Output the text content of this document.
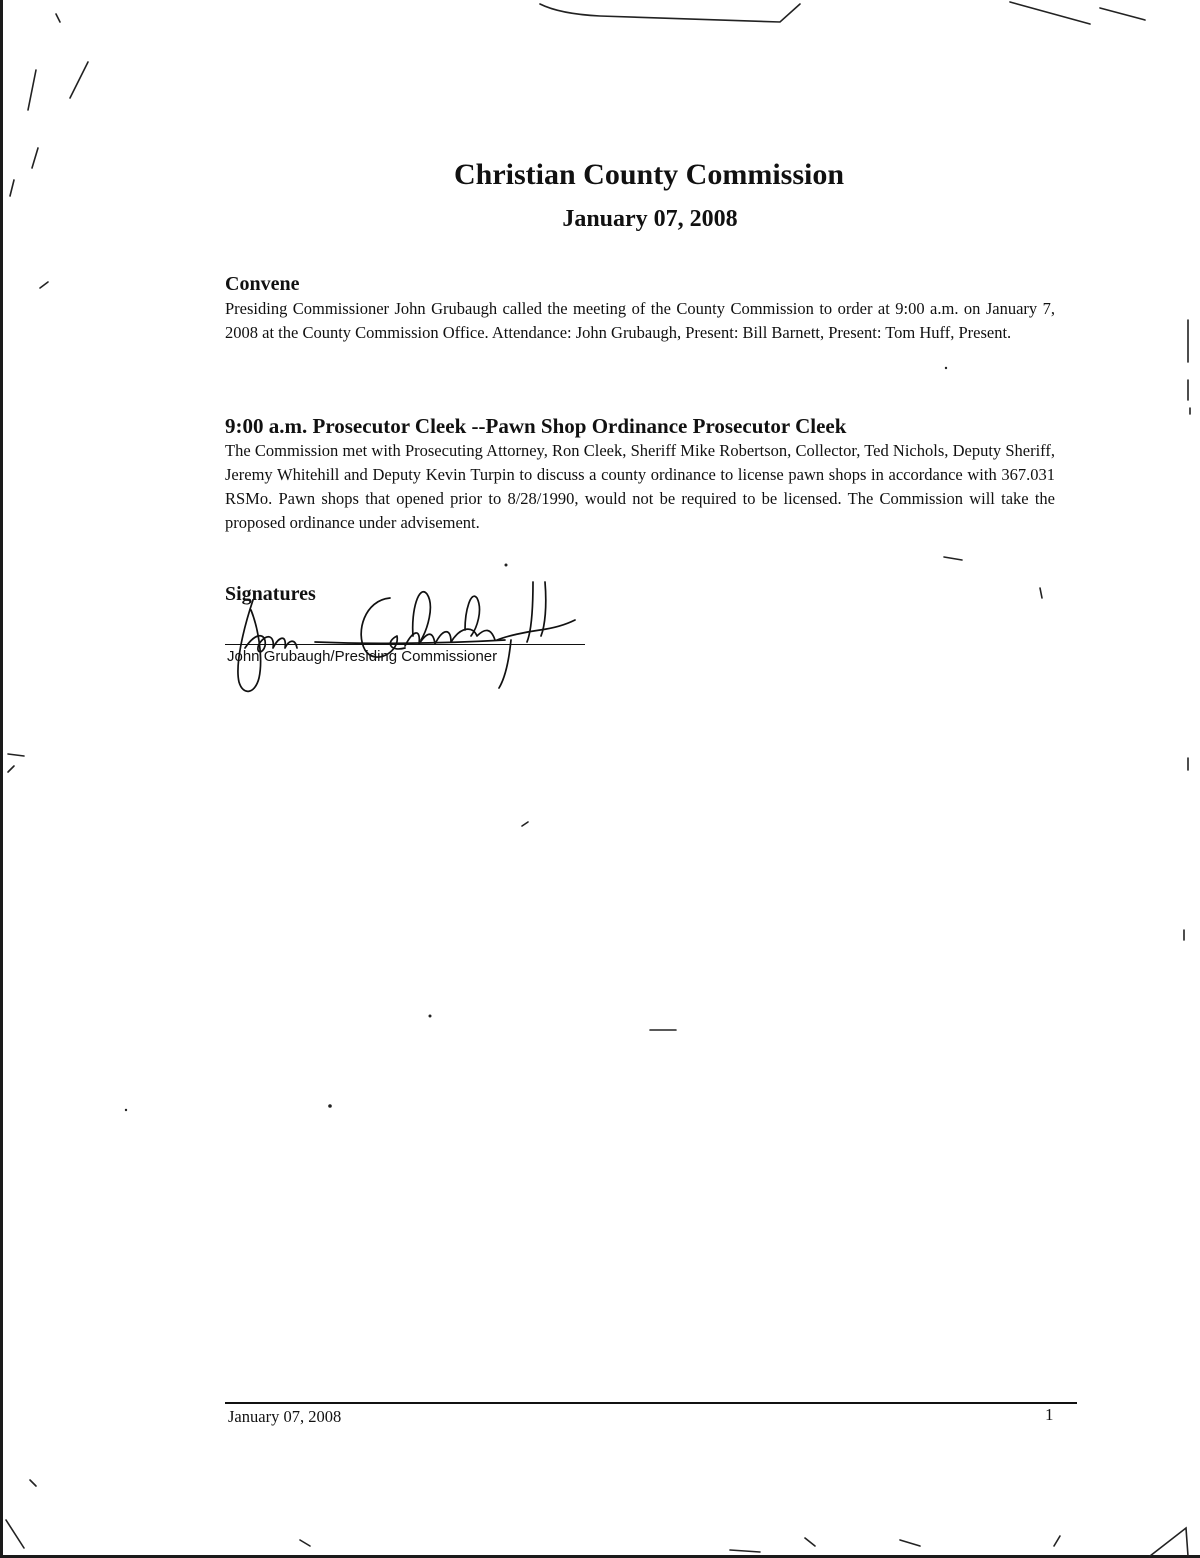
Christian County Commission
January 07, 2008
Convene

Presiding Commissioner John Grubaugh called the meeting of the County Commission to order at 9:00 a.m. on January 7, 2008 at the County Commission Office. Attendance: John Grubaugh, Present: Bill Barnett, Present: Tom Huff, Present.

9:00 a.m. Prosecutor Cleek --Pawn Shop Ordinance Prosecutor Cleek

The Commission met with Prosecuting Attorney, Ron Cleek, Sheriff Mike Robertson, Collector, Ted Nichols, Deputy Sheriff, Jeremy Whitehill and Deputy Kevin Turpin to discuss a county ordinance to license pawn shops in accordance with 367.031 RSMo. Pawn shops that opened prior to 8/28/1990, would not be required to be licensed. The Commission will take the proposed ordinance under advisement.

Signatures

John Grubaugh/Presiding Commissioner

January 07, 2008	1
